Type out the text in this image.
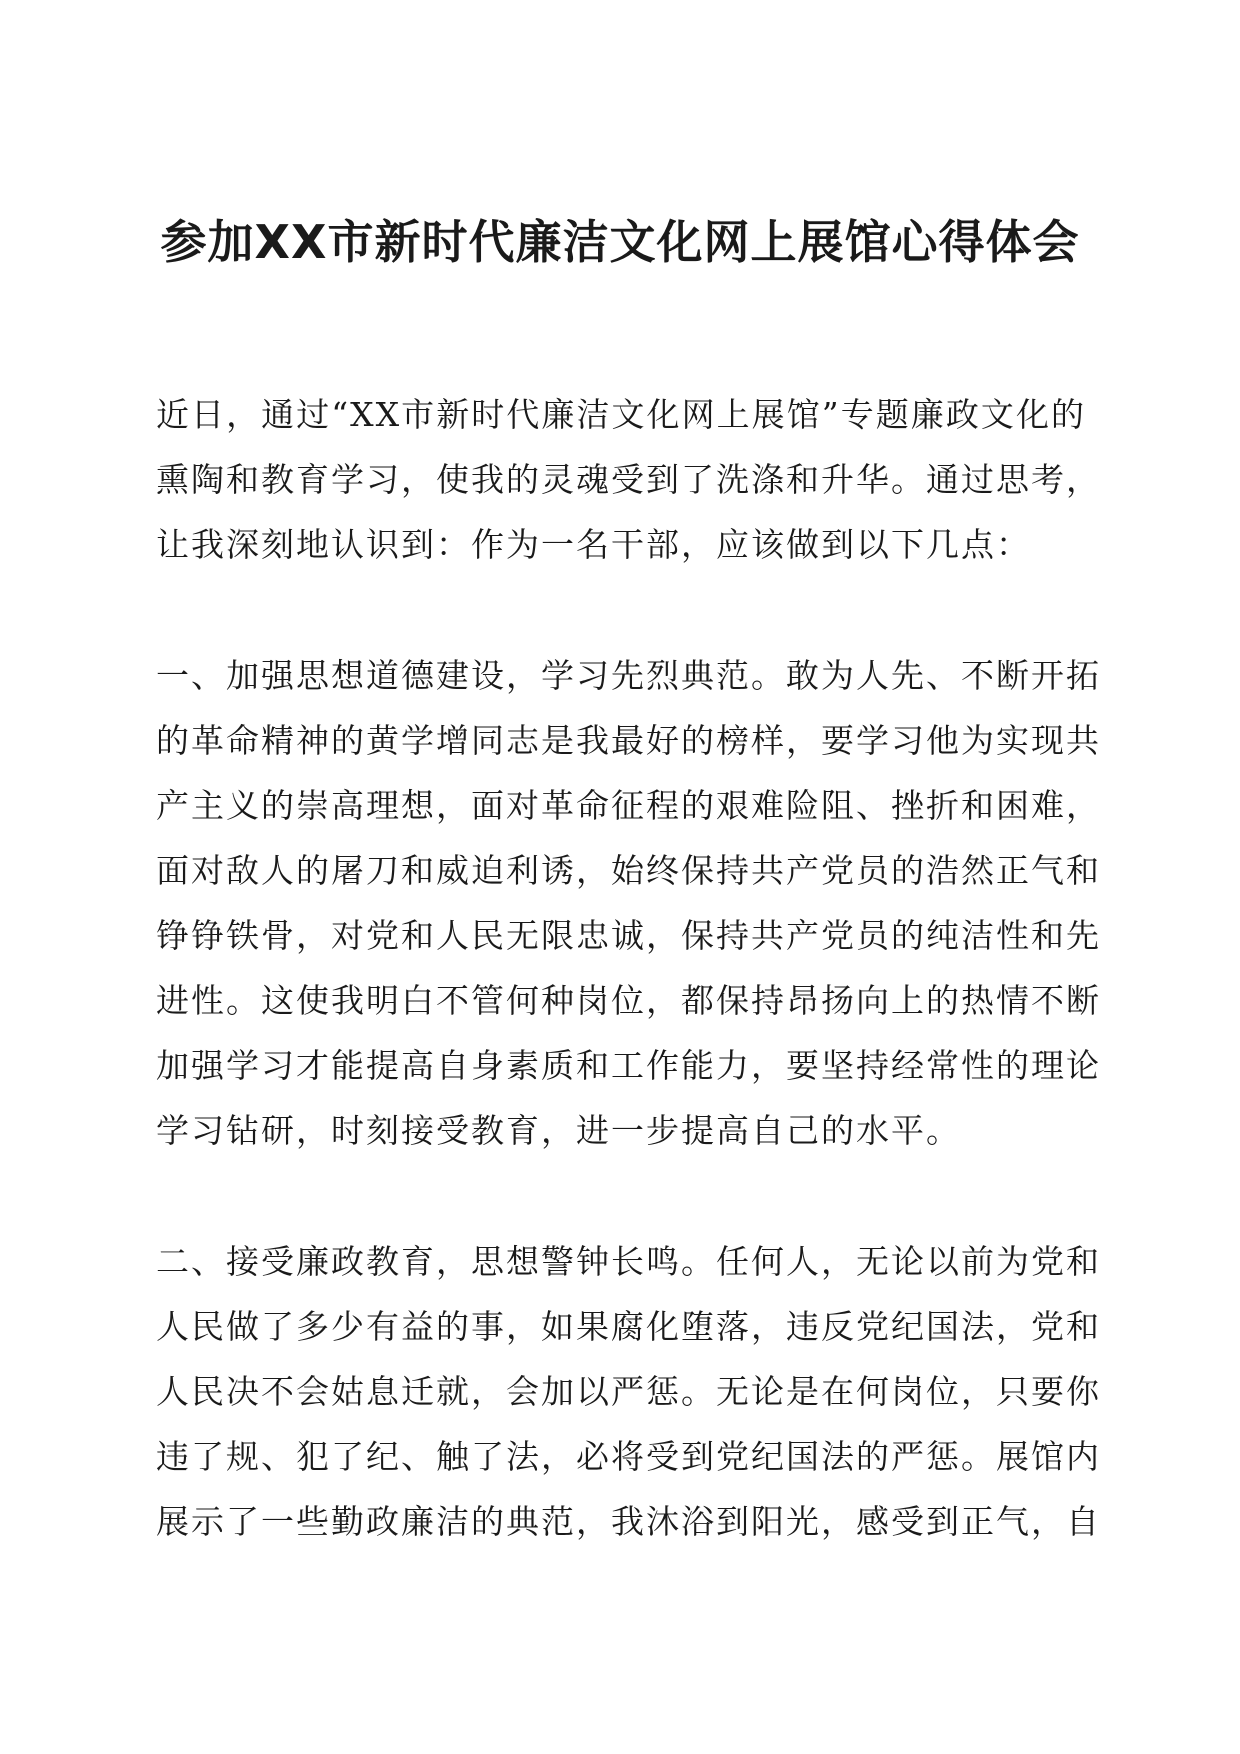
参加XX市新时代廉洁文化网上展馆心得体会
近日，通过“XX市新时代廉洁文化网上展馆”专题廉政文化的
熏陶和教育学习，使我的灵魂受到了洗涤和升华。通过思考，
让我深刻地认识到：作为一名干部，应该做到以下几点：
一、加强思想道德建设，学习先烈典范。敢为人先、不断开拓
的革命精神的黄学增同志是我最好的榜样，要学习他为实现共
产主义的崇高理想，面对革命征程的艰难险阻、挫折和困难，
面对敌人的屠刀和威迫利诱，始终保持共产党员的浩然正气和
铮铮铁骨，对党和人民无限忠诚，保持共产党员的纯洁性和先
进性。这使我明白不管何种岗位，都保持昂扬向上的热情不断
加强学习才能提高自身素质和工作能力，要坚持经常性的理论
学习钻研，时刻接受教育，进一步提高自己的水平。
二、接受廉政教育，思想警钟长鸣。任何人，无论以前为党和
人民做了多少有益的事，如果腐化堕落，违反党纪国法，党和
人民决不会姑息迁就，会加以严惩。无论是在何岗位，只要你
违了规、犯了纪、触了法，必将受到党纪国法的严惩。展馆内
展示了一些勤政廉洁的典范，我沐浴到阳光，感受到正气，自
